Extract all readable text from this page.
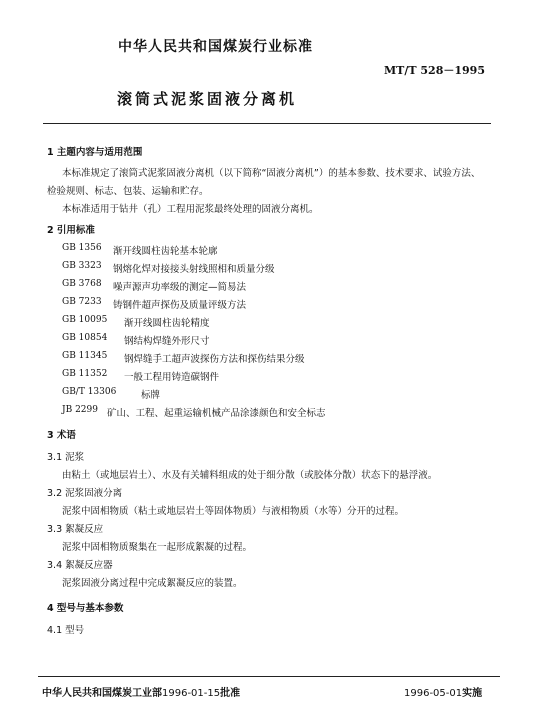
中华人民共和国煤炭行业标准
MT/T 528－1995
滚筒式泥浆固液分离机
1 主题内容与适用范围
本标准规定了滚筒式泥浆固液分离机（以下简称“固液分离机”）的基本参数、技术要求、试验方法、
检验规则、标志、包装、运输和贮存。
本标准适用于钻井（孔）工程用泥浆最终处理的固液分离机。
2 引用标准
GB 1356 渐开线圆柱齿轮基本轮廓
GB 3323 钢熔化焊对接接头射线照相和质量分级
GB 3768 噪声源声功率级的测定—简易法
GB 7233 铸钢件超声探伤及质量评级方法
GB 10095 渐开线圆柱齿轮精度
GB 10854 钢结构焊缝外形尺寸
GB 11345 钢焊缝手工超声波探伤方法和探伤结果分级
GB 11352 一般工程用铸造碳钢件
GB/T 13306	标牌
JB 2299 矿山、工程、起重运输机械产品涂漆颜色和安全标志
3 术语
3.1 泥浆
由粘土（或地层岩土）、水及有关辅料组成的处于细分散（或胶体分散）状态下的悬浮液。
3.2 泥浆固液分离
泥浆中固相物质（粘土或地层岩土等固体物质）与液相物质（水等）分开的过程。
3.3 絮凝反应
泥浆中固相物质聚集在一起形成絮凝的过程。
3.4 絮凝反应器
泥浆固液分离过程中完成絮凝反应的装置。
4 型号与基本参数
4.1 型号
中华人民共和国煤炭工业部1996-01-15批准	1996-05-01实施
